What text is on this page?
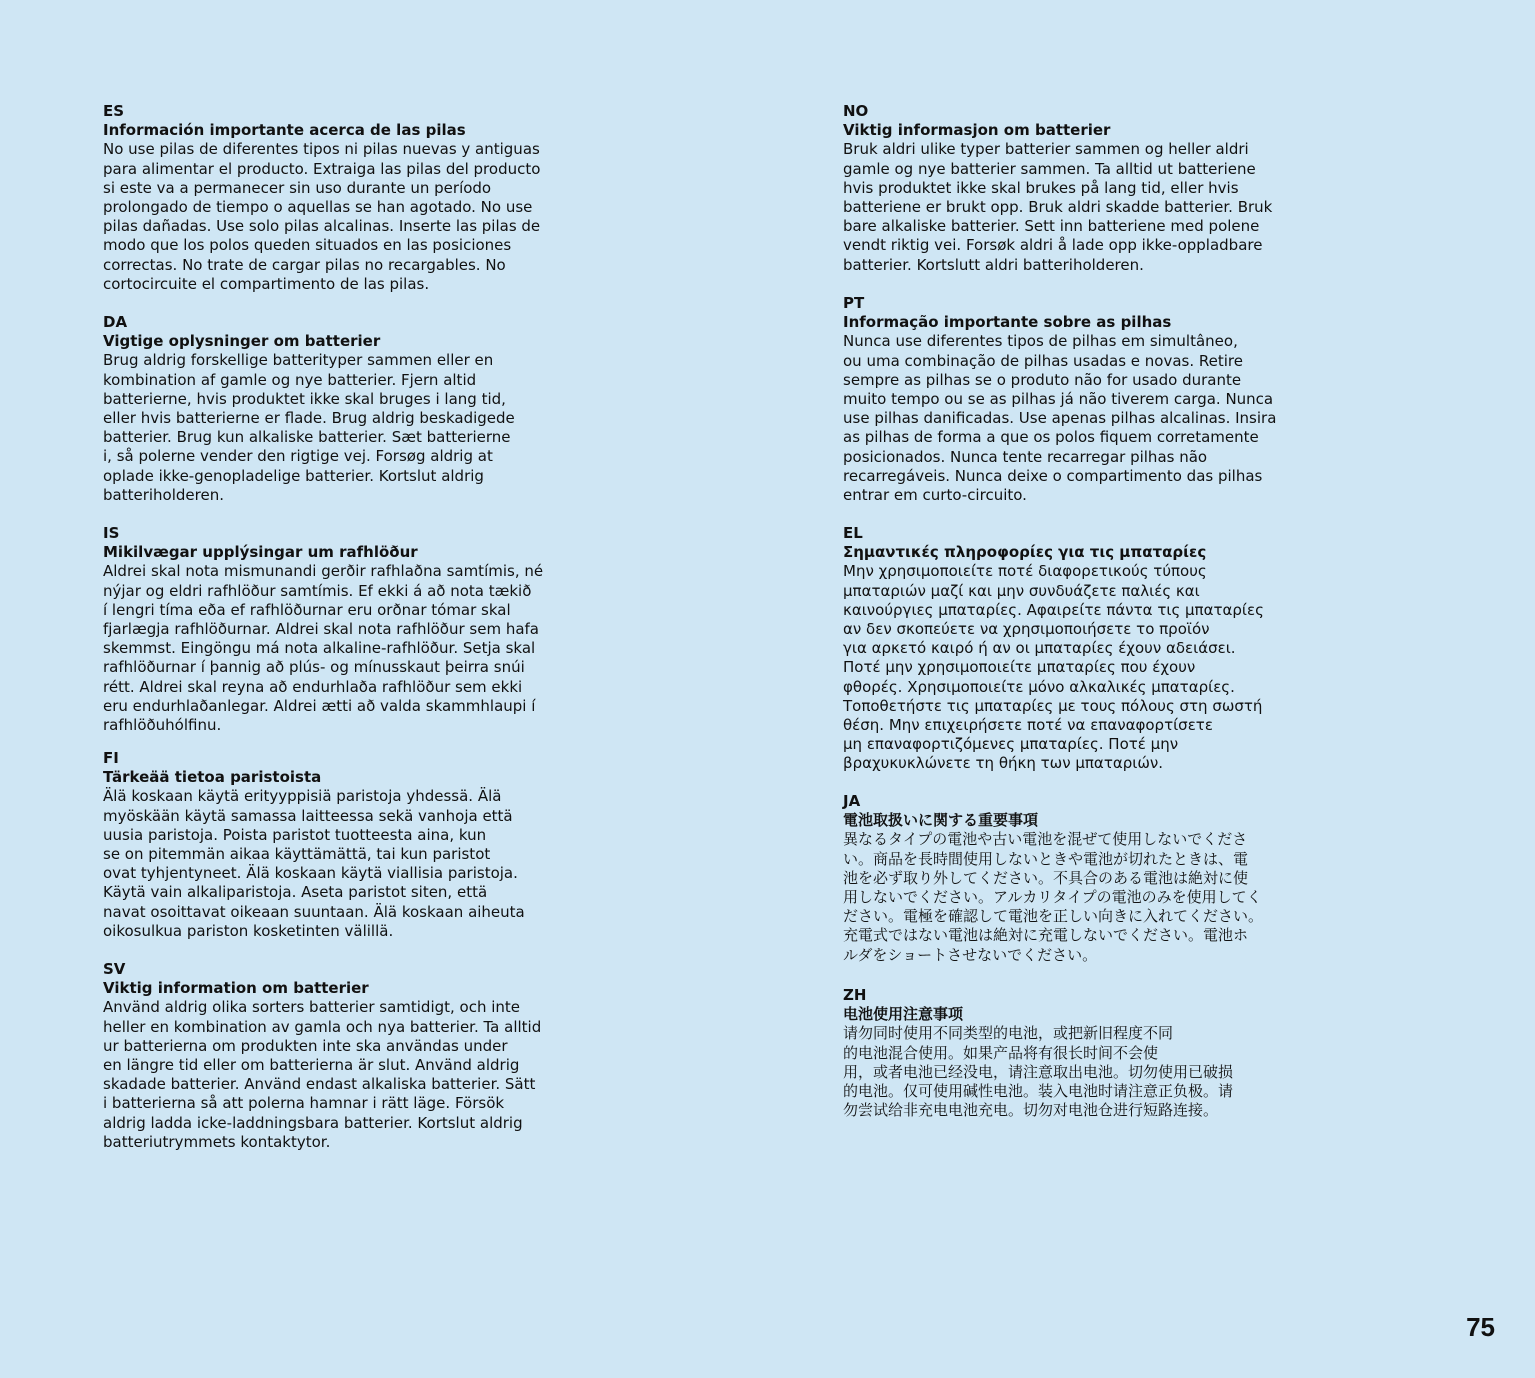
ES
Información importante acerca de las pilas
No use pilas de diferentes tipos ni pilas nuevas y antiguas
para alimentar el producto. Extraiga las pilas del producto
si este va a permanecer sin uso durante un período
prolongado de tiempo o aquellas se han agotado. No use
pilas dañadas. Use solo pilas alcalinas. Inserte las pilas de
modo que los polos queden situados en las posiciones
correctas. No trate de cargar pilas no recargables. No
cortocircuite el compartimento de las pilas.
DA
Vigtige oplysninger om batterier
Brug aldrig forskellige batterityper sammen eller en
kombination af gamle og nye batterier. Fjern altid
batterierne, hvis produktet ikke skal bruges i lang tid,
eller hvis batterierne er flade. Brug aldrig beskadigede
batterier. Brug kun alkaliske batterier. Sæt batterierne
i, så polerne vender den rigtige vej. Forsøg aldrig at
oplade ikke-genopladelige batterier. Kortslut aldrig
batteriholderen.
IS
Mikilvægar upplýsingar um rafhlöður
Aldrei skal nota mismunandi gerðir rafhlaðna samtímis, né
nýjar og eldri rafhlöður samtímis. Ef ekki á að nota tækið
í lengri tíma eða ef rafhlöðurnar eru orðnar tómar skal
fjarlægja rafhlöðurnar. Aldrei skal nota rafhlöður sem hafa
skemmst. Eingöngu má nota alkaline-rafhlöður. Setja skal
rafhlöðurnar í þannig að plús- og mínusskaut þeirra snúi
rétt. Aldrei skal reyna að endurhlaða rafhlöður sem ekki
eru endurhlaðanlegar. Aldrei ætti að valda skammhlaupi í
rafhlöðuhólfinu.
FI
Tärkeää tietoa paristoista
Älä koskaan käytä erityyppisiä paristoja yhdessä. Älä
myöskään käytä samassa laitteessa sekä vanhoja että
uusia paristoja. Poista paristot tuotteesta aina, kun
se on pitemmän aikaa käyttämättä, tai kun paristot
ovat tyhjentyneet. Älä koskaan käytä viallisia paristoja.
Käytä vain alkaliparistoja. Aseta paristot siten, että
navat osoittavat oikeaan suuntaan. Älä koskaan aiheuta
oikosulkua pariston kosketinten välillä.
SV
Viktig information om batterier
Använd aldrig olika sorters batterier samtidigt, och inte
heller en kombination av gamla och nya batterier. Ta alltid
ur batterierna om produkten inte ska användas under
en längre tid eller om batterierna är slut. Använd aldrig
skadade batterier. Använd endast alkaliska batterier. Sätt
i batterierna så att polerna hamnar i rätt läge. Försök
aldrig ladda icke-laddningsbara batterier. Kortslut aldrig
batteriutrymmets kontaktytor.
NO
Viktig informasjon om batterier
Bruk aldri ulike typer batterier sammen og heller aldri
gamle og nye batterier sammen. Ta alltid ut batteriene
hvis produktet ikke skal brukes på lang tid, eller hvis
batteriene er brukt opp. Bruk aldri skadde batterier. Bruk
bare alkaliske batterier. Sett inn batteriene med polene
vendt riktig vei. Forsøk aldri å lade opp ikke-oppladbare
batterier. Kortslutt aldri batteriholderen.
PT
Informação importante sobre as pilhas
Nunca use diferentes tipos de pilhas em simultâneo,
ou uma combinação de pilhas usadas e novas. Retire
sempre as pilhas se o produto não for usado durante
muito tempo ou se as pilhas já não tiverem carga. Nunca
use pilhas danificadas. Use apenas pilhas alcalinas. Insira
as pilhas de forma a que os polos fiquem corretamente
posicionados. Nunca tente recarregar pilhas não
recarregáveis. Nunca deixe o compartimento das pilhas
entrar em curto-circuito.
EL
Σημαντικές πληροφορίες για τις μπαταρίες
Μην χρησιμοποιείτε ποτέ διαφορετικούς τύπους
μπαταριών μαζί και μην συνδυάζετε παλιές και
καινούργιες μπαταρίες. Αφαιρείτε πάντα τις μπαταρίες
αν δεν σκοπεύετε να χρησιμοποιήσετε το προϊόν
για αρκετό καιρό ή αν οι μπαταρίες έχουν αδειάσει.
Ποτέ μην χρησιμοποιείτε μπαταρίες που έχουν
φθορές. Χρησιμοποιείτε μόνο αλκαλικές μπαταρίες.
Τοποθετήστε τις μπαταρίες με τους πόλους στη σωστή
θέση. Μην επιχειρήσετε ποτέ να επαναφορτίσετε
μη επαναφορτιζόμενες μπαταρίες. Ποτέ μην
βραχυκυκλώνετε τη θήκη των μπαταριών.
JA
電池取扱いに関する重要事項
異なるタイプの電池や古い電池を混ぜて使用しないでくださ
い。商品を長時間使用しないときや電池が切れたときは、電
池を必ず取り外してください。不具合のある電池は絶対に使
用しないでください。アルカリタイプの電池のみを使用してく
ださい。電極を確認して電池を正しい向きに入れてください。
充電式ではない電池は絶対に充電しないでください。電池ホ
ルダをショートさせないでください。
ZH
电池使用注意事项
请勿同时使用不同类型的电池，或把新旧程度不同
的电池混合使用。如果产品将有很长时间不会使
用，或者电池已经没电，请注意取出电池。切勿使用已破损
的电池。仅可使用碱性电池。装入电池时请注意正负极。请
勿尝试给非充电电池充电。切勿对电池仓进行短路连接。
75
